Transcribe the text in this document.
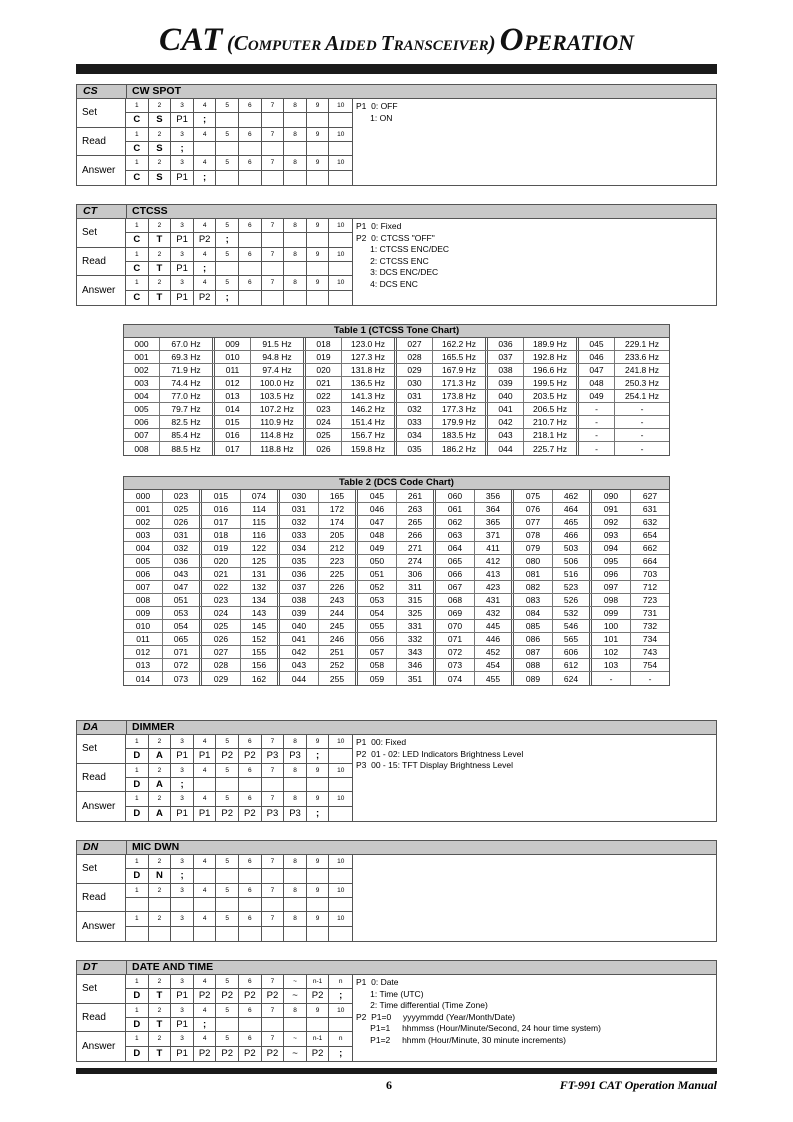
CAT (COMPUTER AIDED TRANSCEIVER) OPERATION
CS	CW SPOT
Set
1	2	3	4	5	6	7	8	9	10
C	S	P1	;
Read
1	2	3	4	5	6	7	8	9	10
C	S	;
Answer
1	2	3	4	5	6	7	8	9	10
C	S	P1	;
P1  0: OFF
1: ON
CT	CTCSS
Set
1	2	3	4	5	6	7	8	9	10
C	T	P1	P2	;
Read
1	2	3	4	5	6	7	8	9	10
C	T	P1	;
Answer
1	2	3	4	5	6	7	8	9	10
C	T	P1	P2	;
P1  0: Fixed
P2  0: CTCSS "OFF"
1: CTCSS ENC/DEC
2: CTCSS ENC
3: DCS ENC/DEC
4: DCS ENC
Table 1 (CTCSS Tone Chart)
000	67.0 Hz	009	91.5 Hz	018	123.0 Hz	027	162.2 Hz	036	189.9 Hz	045	229.1 Hz
001	69.3 Hz	010	94.8 Hz	019	127.3 Hz	028	165.5 Hz	037	192.8 Hz	046	233.6 Hz
002	71.9 Hz	011	97.4 Hz	020	131.8 Hz	029	167.9 Hz	038	196.6 Hz	047	241.8 Hz
003	74.4 Hz	012	100.0 Hz	021	136.5 Hz	030	171.3 Hz	039	199.5 Hz	048	250.3 Hz
004	77.0 Hz	013	103.5 Hz	022	141.3 Hz	031	173.8 Hz	040	203.5 Hz	049	254.1 Hz
005	79.7 Hz	014	107.2 Hz	023	146.2 Hz	032	177.3 Hz	041	206.5 Hz	-	-
006	82.5 Hz	015	110.9 Hz	024	151.4 Hz	033	179.9 Hz	042	210.7 Hz	-	-
007	85.4 Hz	016	114.8 Hz	025	156.7 Hz	034	183.5 Hz	043	218.1 Hz	-	-
008	88.5 Hz	017	118.8 Hz	026	159.8 Hz	035	186.2 Hz	044	225.7 Hz	-	-
Table 2 (DCS Code Chart)
000	023	015	074	030	165	045	261	060	356	075	462	090	627
001	025	016	114	031	172	046	263	061	364	076	464	091	631
002	026	017	115	032	174	047	265	062	365	077	465	092	632
003	031	018	116	033	205	048	266	063	371	078	466	093	654
004	032	019	122	034	212	049	271	064	411	079	503	094	662
005	036	020	125	035	223	050	274	065	412	080	506	095	664
006	043	021	131	036	225	051	306	066	413	081	516	096	703
007	047	022	132	037	226	052	311	067	423	082	523	097	712
008	051	023	134	038	243	053	315	068	431	083	526	098	723
009	053	024	143	039	244	054	325	069	432	084	532	099	731
010	054	025	145	040	245	055	331	070	445	085	546	100	732
011	065	026	152	041	246	056	332	071	446	086	565	101	734
012	071	027	155	042	251	057	343	072	452	087	606	102	743
013	072	028	156	043	252	058	346	073	454	088	612	103	754
014	073	029	162	044	255	059	351	074	455	089	624	-	-
DA	DIMMER
Set
1	2	3	4	5	6	7	8	9	10
D	A	P1	P1	P2	P2	P3	P3	;
Read
1	2	3	4	5	6	7	8	9	10
D	A	;
Answer
1	2	3	4	5	6	7	8	9	10
D	A	P1	P1	P2	P2	P3	P3	;
P1  00: Fixed
P2  01 - 02: LED Indicators Brightness Level
P3  00 - 15: TFT Display Brightness Level
DN	MIC DWN
Set
1	2	3	4	5	6	7	8	9	10
D	N	;
Read
1	2	3	4	5	6	7	8	9	10
Answer
1	2	3	4	5	6	7	8	9	10
DT	DATE AND TIME
Set
1	2	3	4	5	6	7	~	n-1	n
D	T	P1	P2	P2	P2	P2	~	P2	;
Read
1	2	3	4	5	6	7	8	9	10
D	T	P1	;
Answer
1	2	3	4	5	6	7	~	n-1	n
D	T	P1	P2	P2	P2	P2	~	P2	;
P1  0: Date
1: Time (UTC)
2: Time differential (Time Zone)
P2  P1=0     yyyymmdd (Year/Month/Date)
P1=1     hhmmss (Hour/Minute/Second, 24 hour time system)
P1=2     hhmm (Hour/Minute, 30 minute increments)
6	FT-991 CAT Operation Manual
